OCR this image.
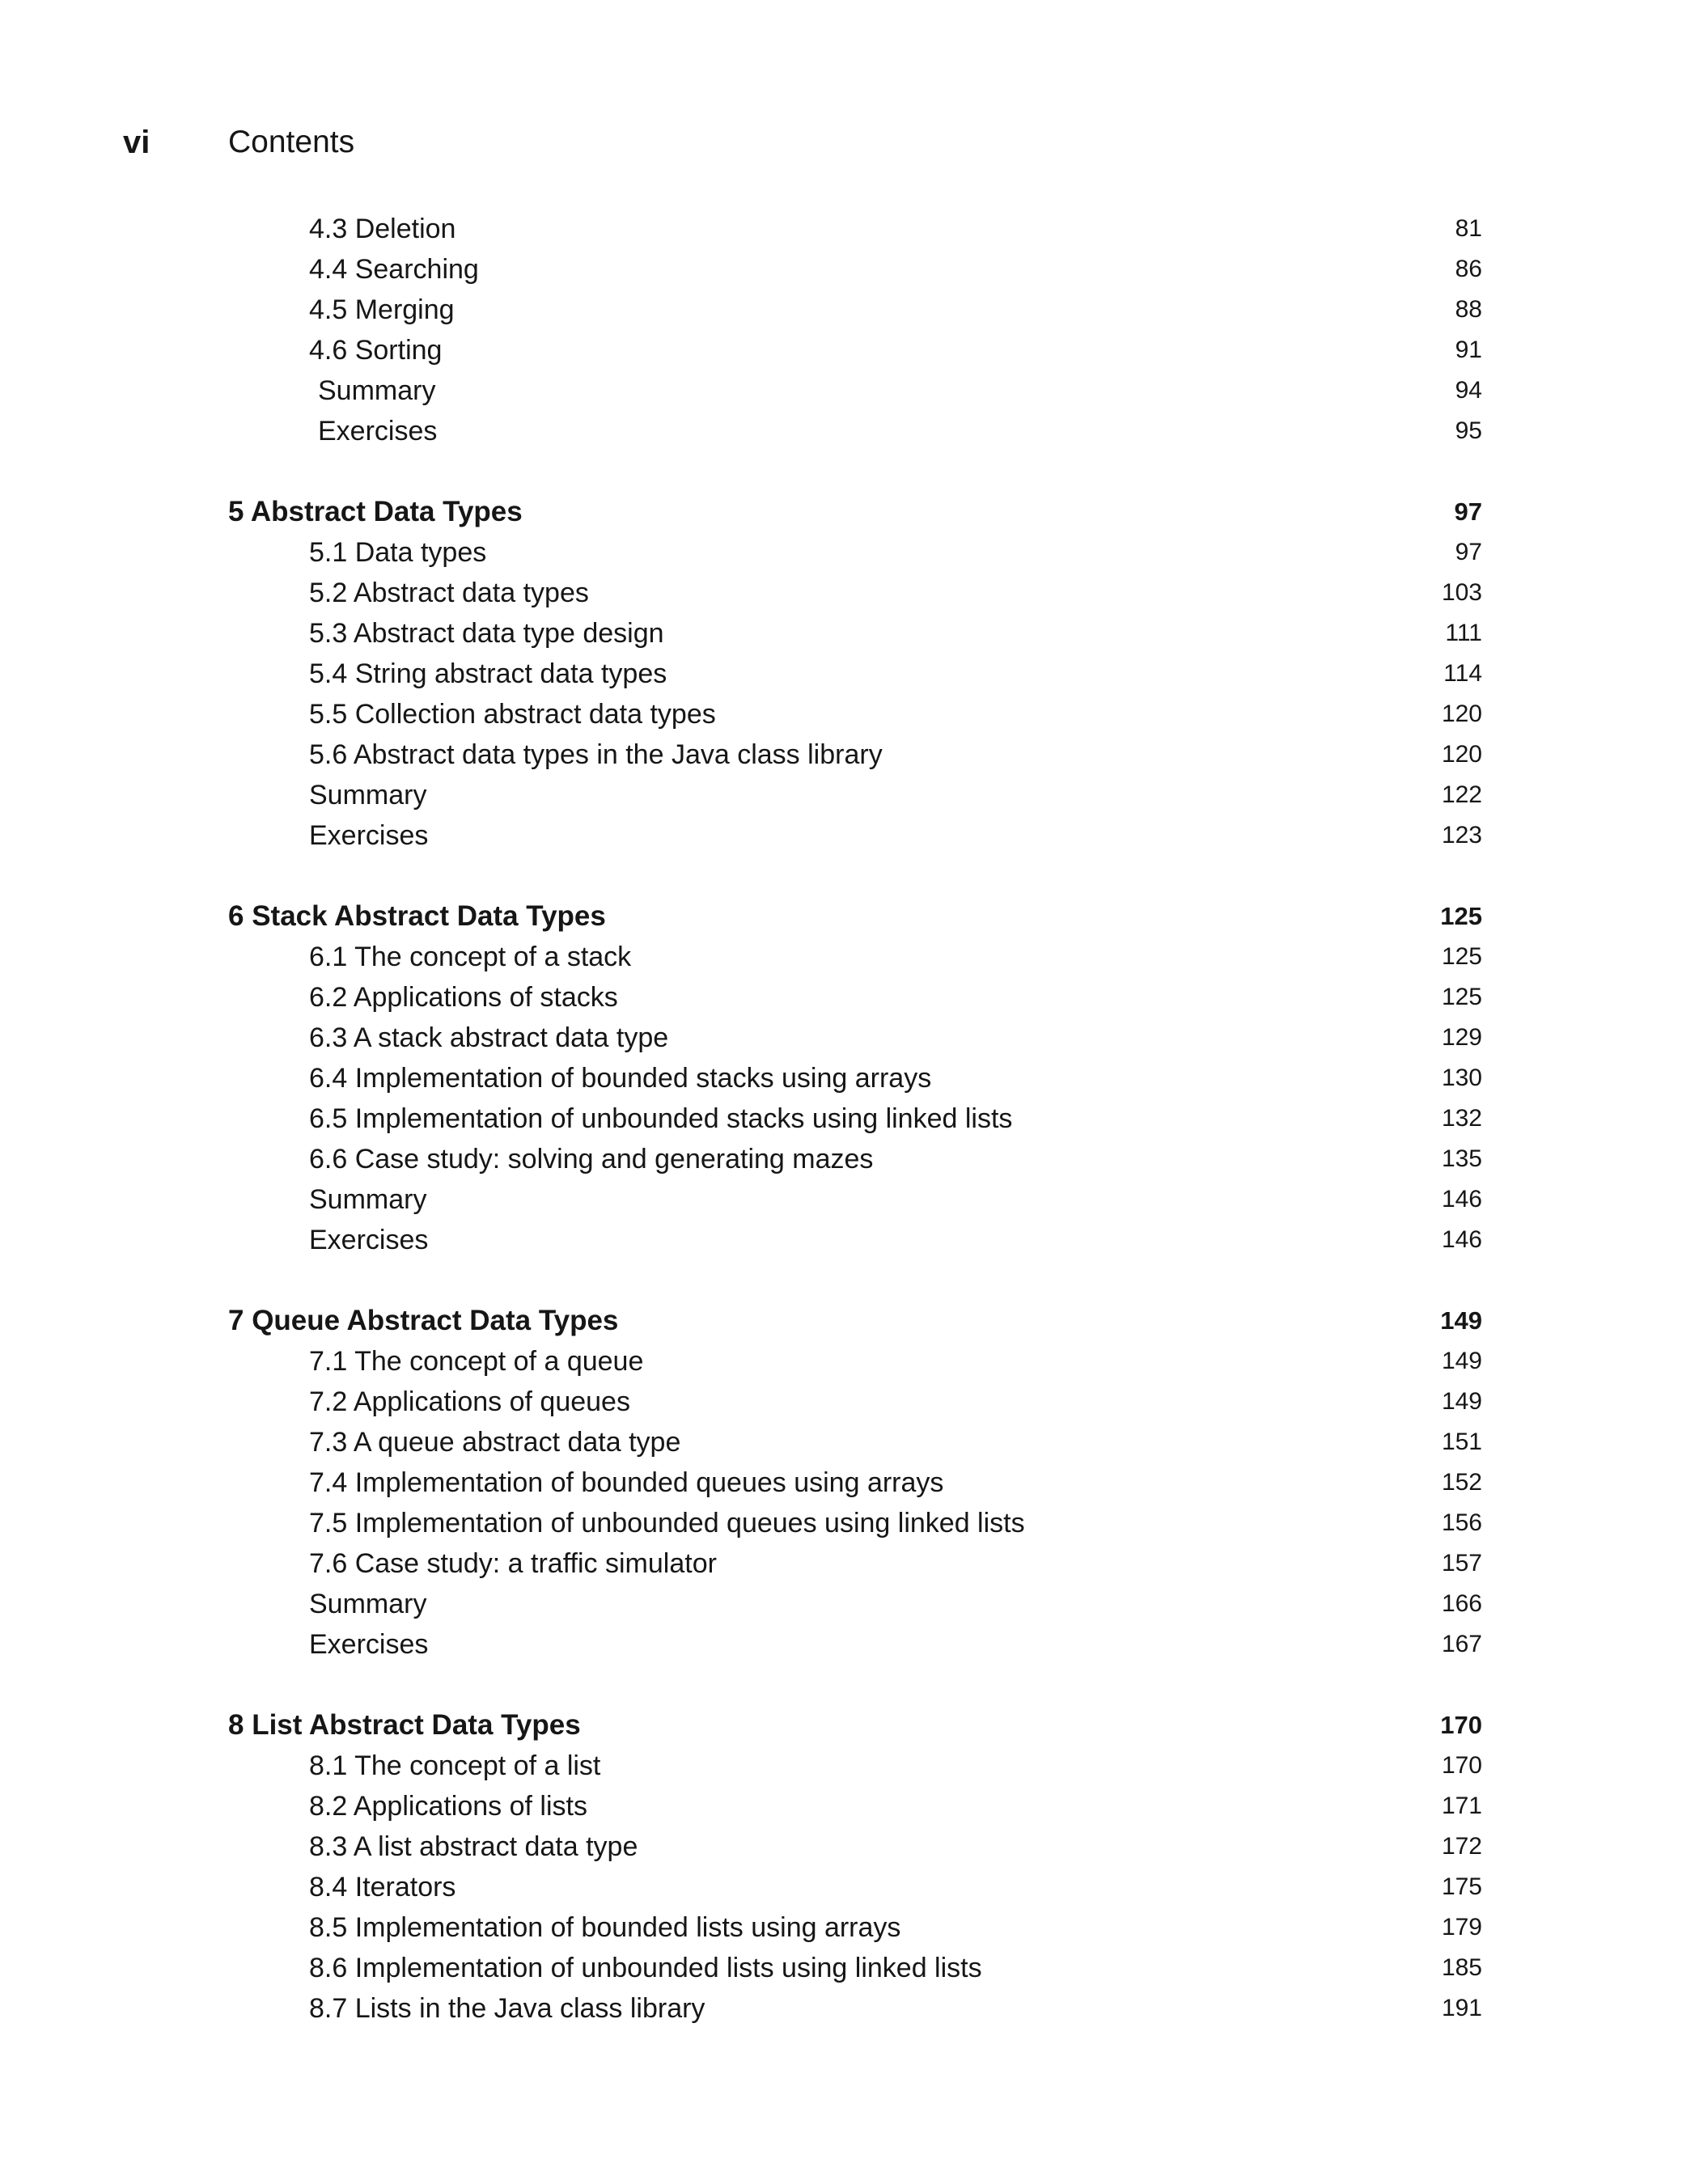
vi	Contents
4.3 Deletion	81
4.4 Searching	86
4.5 Merging	88
4.6 Sorting	91
Summary	94
Exercises	95
5 Abstract Data Types	97
5.1 Data types	97
5.2 Abstract data types	103
5.3 Abstract data type design	111
5.4 String abstract data types	114
5.5 Collection abstract data types	120
5.6 Abstract data types in the Java class library	120
Summary	122
Exercises	123
6 Stack Abstract Data Types	125
6.1 The concept of a stack	125
6.2 Applications of stacks	125
6.3 A stack abstract data type	129
6.4 Implementation of bounded stacks using arrays	130
6.5 Implementation of unbounded stacks using linked lists	132
6.6 Case study: solving and generating mazes	135
Summary	146
Exercises	146
7 Queue Abstract Data Types	149
7.1 The concept of a queue	149
7.2 Applications of queues	149
7.3 A queue abstract data type	151
7.4 Implementation of bounded queues using arrays	152
7.5 Implementation of unbounded queues using linked lists	156
7.6 Case study: a traffic simulator	157
Summary	166
Exercises	167
8 List Abstract Data Types	170
8.1 The concept of a list	170
8.2 Applications of lists	171
8.3 A list abstract data type	172
8.4 Iterators	175
8.5 Implementation of bounded lists using arrays	179
8.6 Implementation of unbounded lists using linked lists	185
8.7 Lists in the Java class library	191
